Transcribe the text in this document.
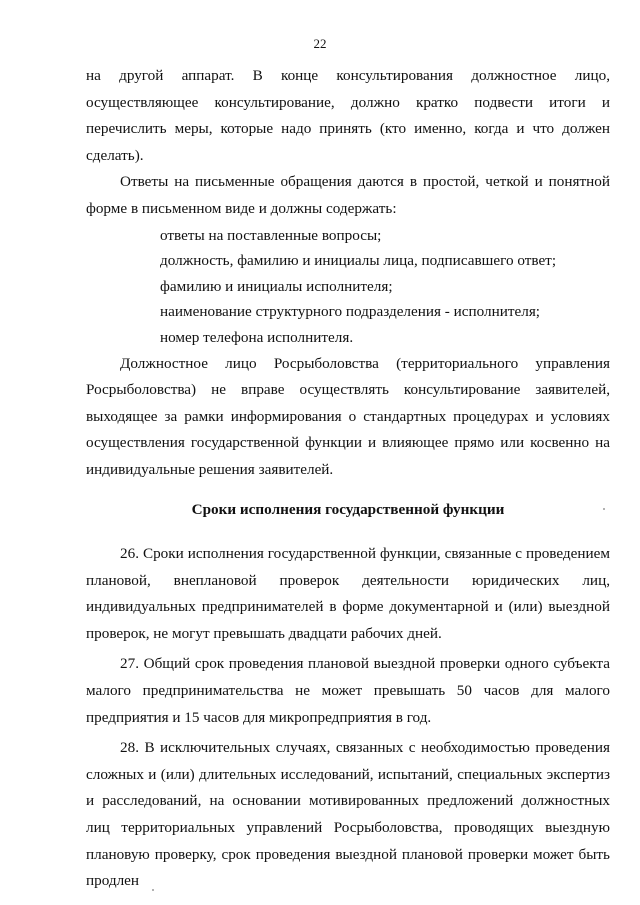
22

на другой аппарат. В конце консультирования должностное лицо, осуществляющее консультирование, должно кратко подвести итоги и перечислить меры, которые надо принять (кто именно, когда и что должен сделать).

Ответы на письменные обращения даются в простой, четкой и понятной форме в письменном виде и должны содержать:

ответы на поставленные вопросы;

должность, фамилию и инициалы лица, подписавшего ответ;

фамилию и инициалы исполнителя;

наименование структурного подразделения - исполнителя;

номер телефона исполнителя.

Должностное лицо Росрыболовства (территориального управления Росрыболовства) не вправе осуществлять консультирование заявителей, выходящее за рамки информирования о стандартных процедурах и условиях осуществления государственной функции и влияющее прямо или косвенно на индивидуальные решения заявителей.

Сроки исполнения государственной функции

26. Сроки исполнения государственной функции, связанные с проведением плановой, внеплановой проверок деятельности юридических лиц, индивидуальных предпринимателей в форме документарной и (или) выездной проверок, не могут превышать двадцати рабочих дней.

27. Общий срок проведения плановой выездной проверки одного субъекта малого предпринимательства не может превышать 50 часов для малого предприятия и 15 часов для микропредприятия в год.

28. В исключительных случаях, связанных с необходимостью проведения сложных и (или) длительных исследований, испытаний, специальных экспертиз и расследований, на основании мотивированных предложений должностных лиц территориальных управлений Росрыболовства, проводящих выездную плановую проверку, срок проведения выездной плановой проверки может быть продлен
